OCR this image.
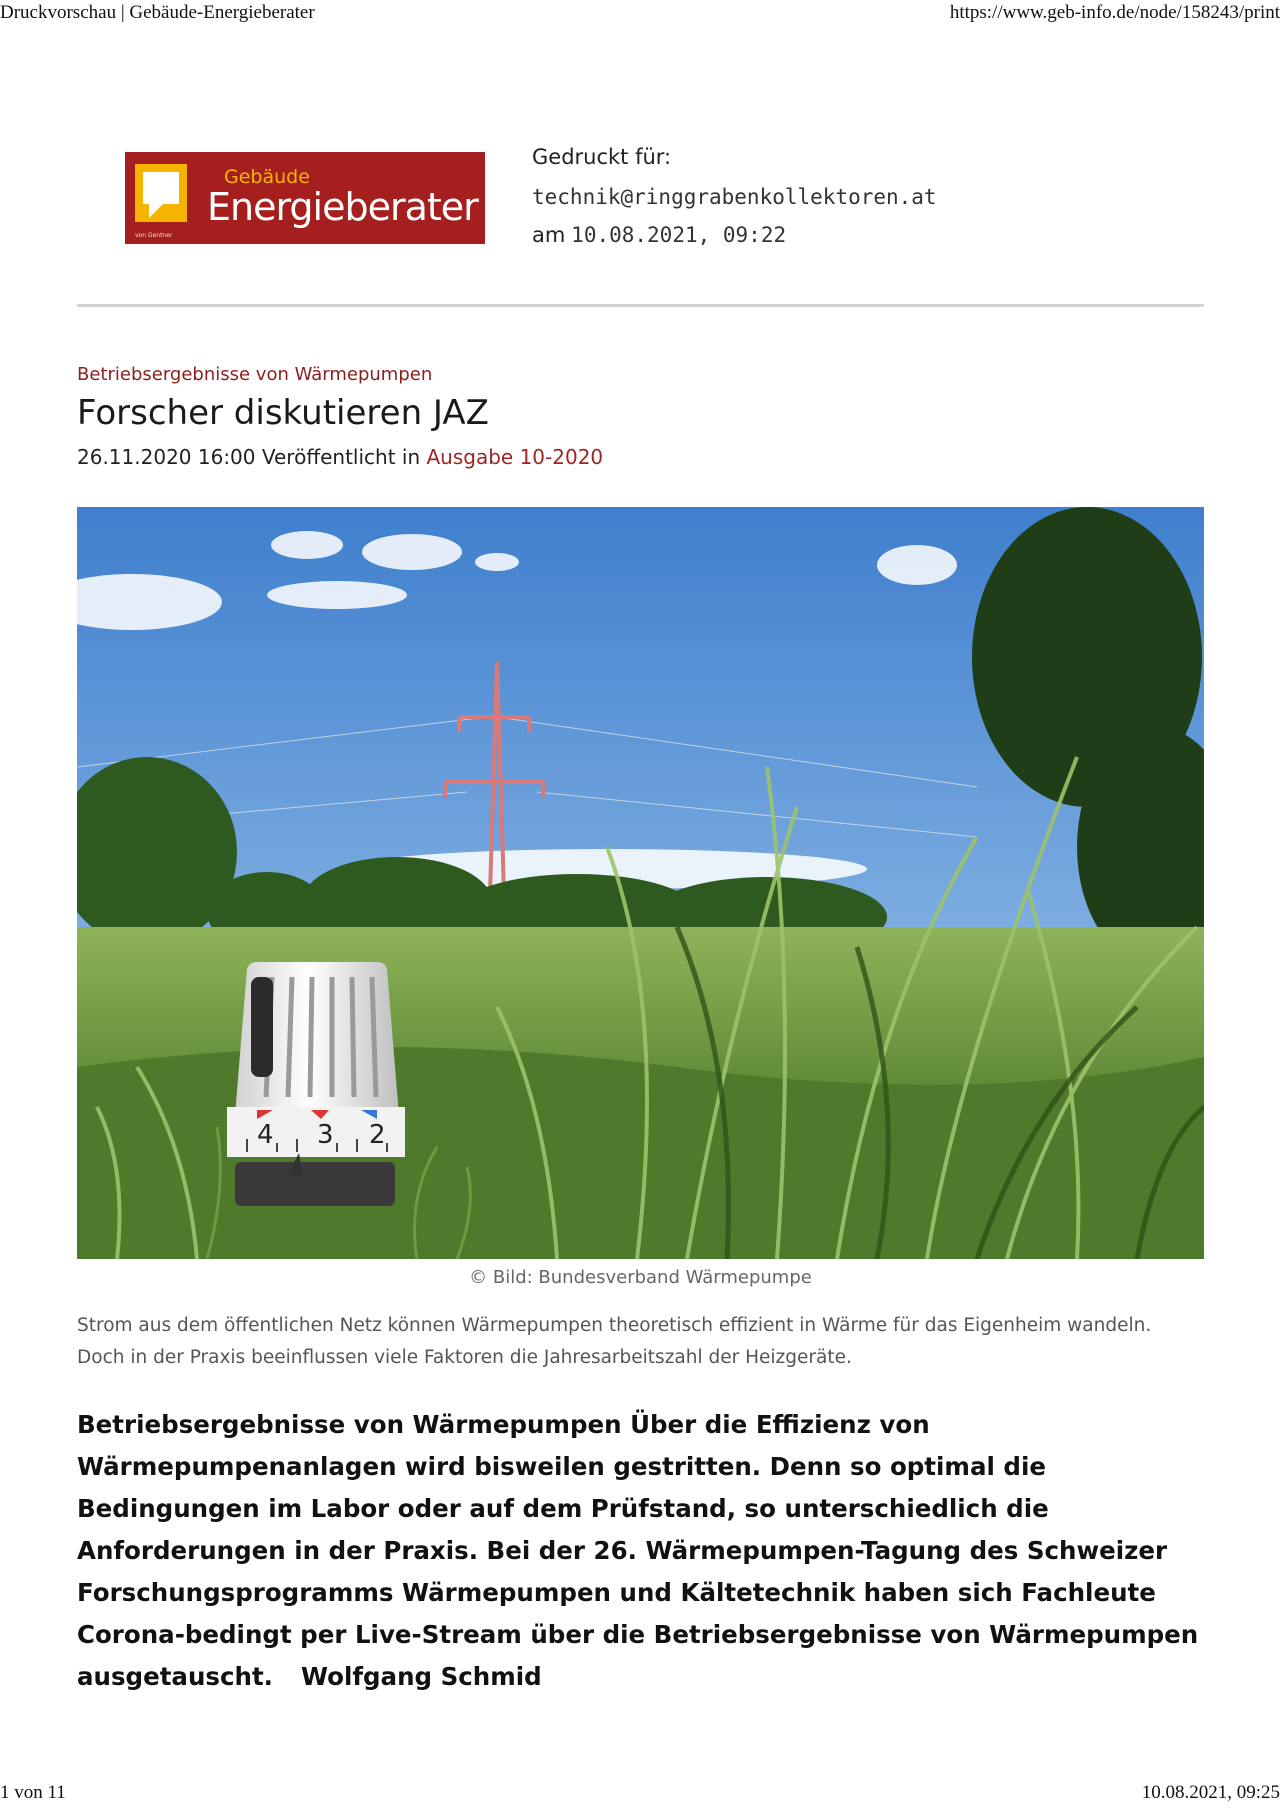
Druckvorschau | Gebäude-Energieberater	https://www.geb-info.de/node/158243/print
Gebäude
Energieberater
von Gentner
Gedruckt für:
technik@ringgrabenkollektoren.at
am 10.08.2021, 09:22
Betriebsergebnisse von Wärmepumpen
Forscher diskutieren JAZ
26.11.2020 16:00 Veröffentlicht in Ausgabe 10-2020
4 3 2
© Bild: Bundesverband Wärmepumpe
Strom aus dem öffentlichen Netz können Wärmepumpen theoretisch effizient in Wärme für das Eigenheim wandeln. Doch in der Praxis beeinflussen viele Faktoren die Jahresarbeitszahl der Heizgeräte.
Betriebsergebnisse von Wärmepumpen Über die Effizienz von Wärmepumpenanlagen wird bisweilen gestritten. Denn so optimal die Bedingungen im Labor oder auf dem Prüfstand, so unterschiedlich die Anforderungen in der Praxis. Bei der 26. Wärmepumpen-Tagung des Schweizer Forschungsprogramms Wärmepumpen und Kältetechnik haben sich Fachleute Corona-bedingt per Live-Stream über die Betriebsergebnisse von Wärmepumpen ausgetauscht. Wolfgang Schmid
1 von 11	10.08.2021, 09:25
